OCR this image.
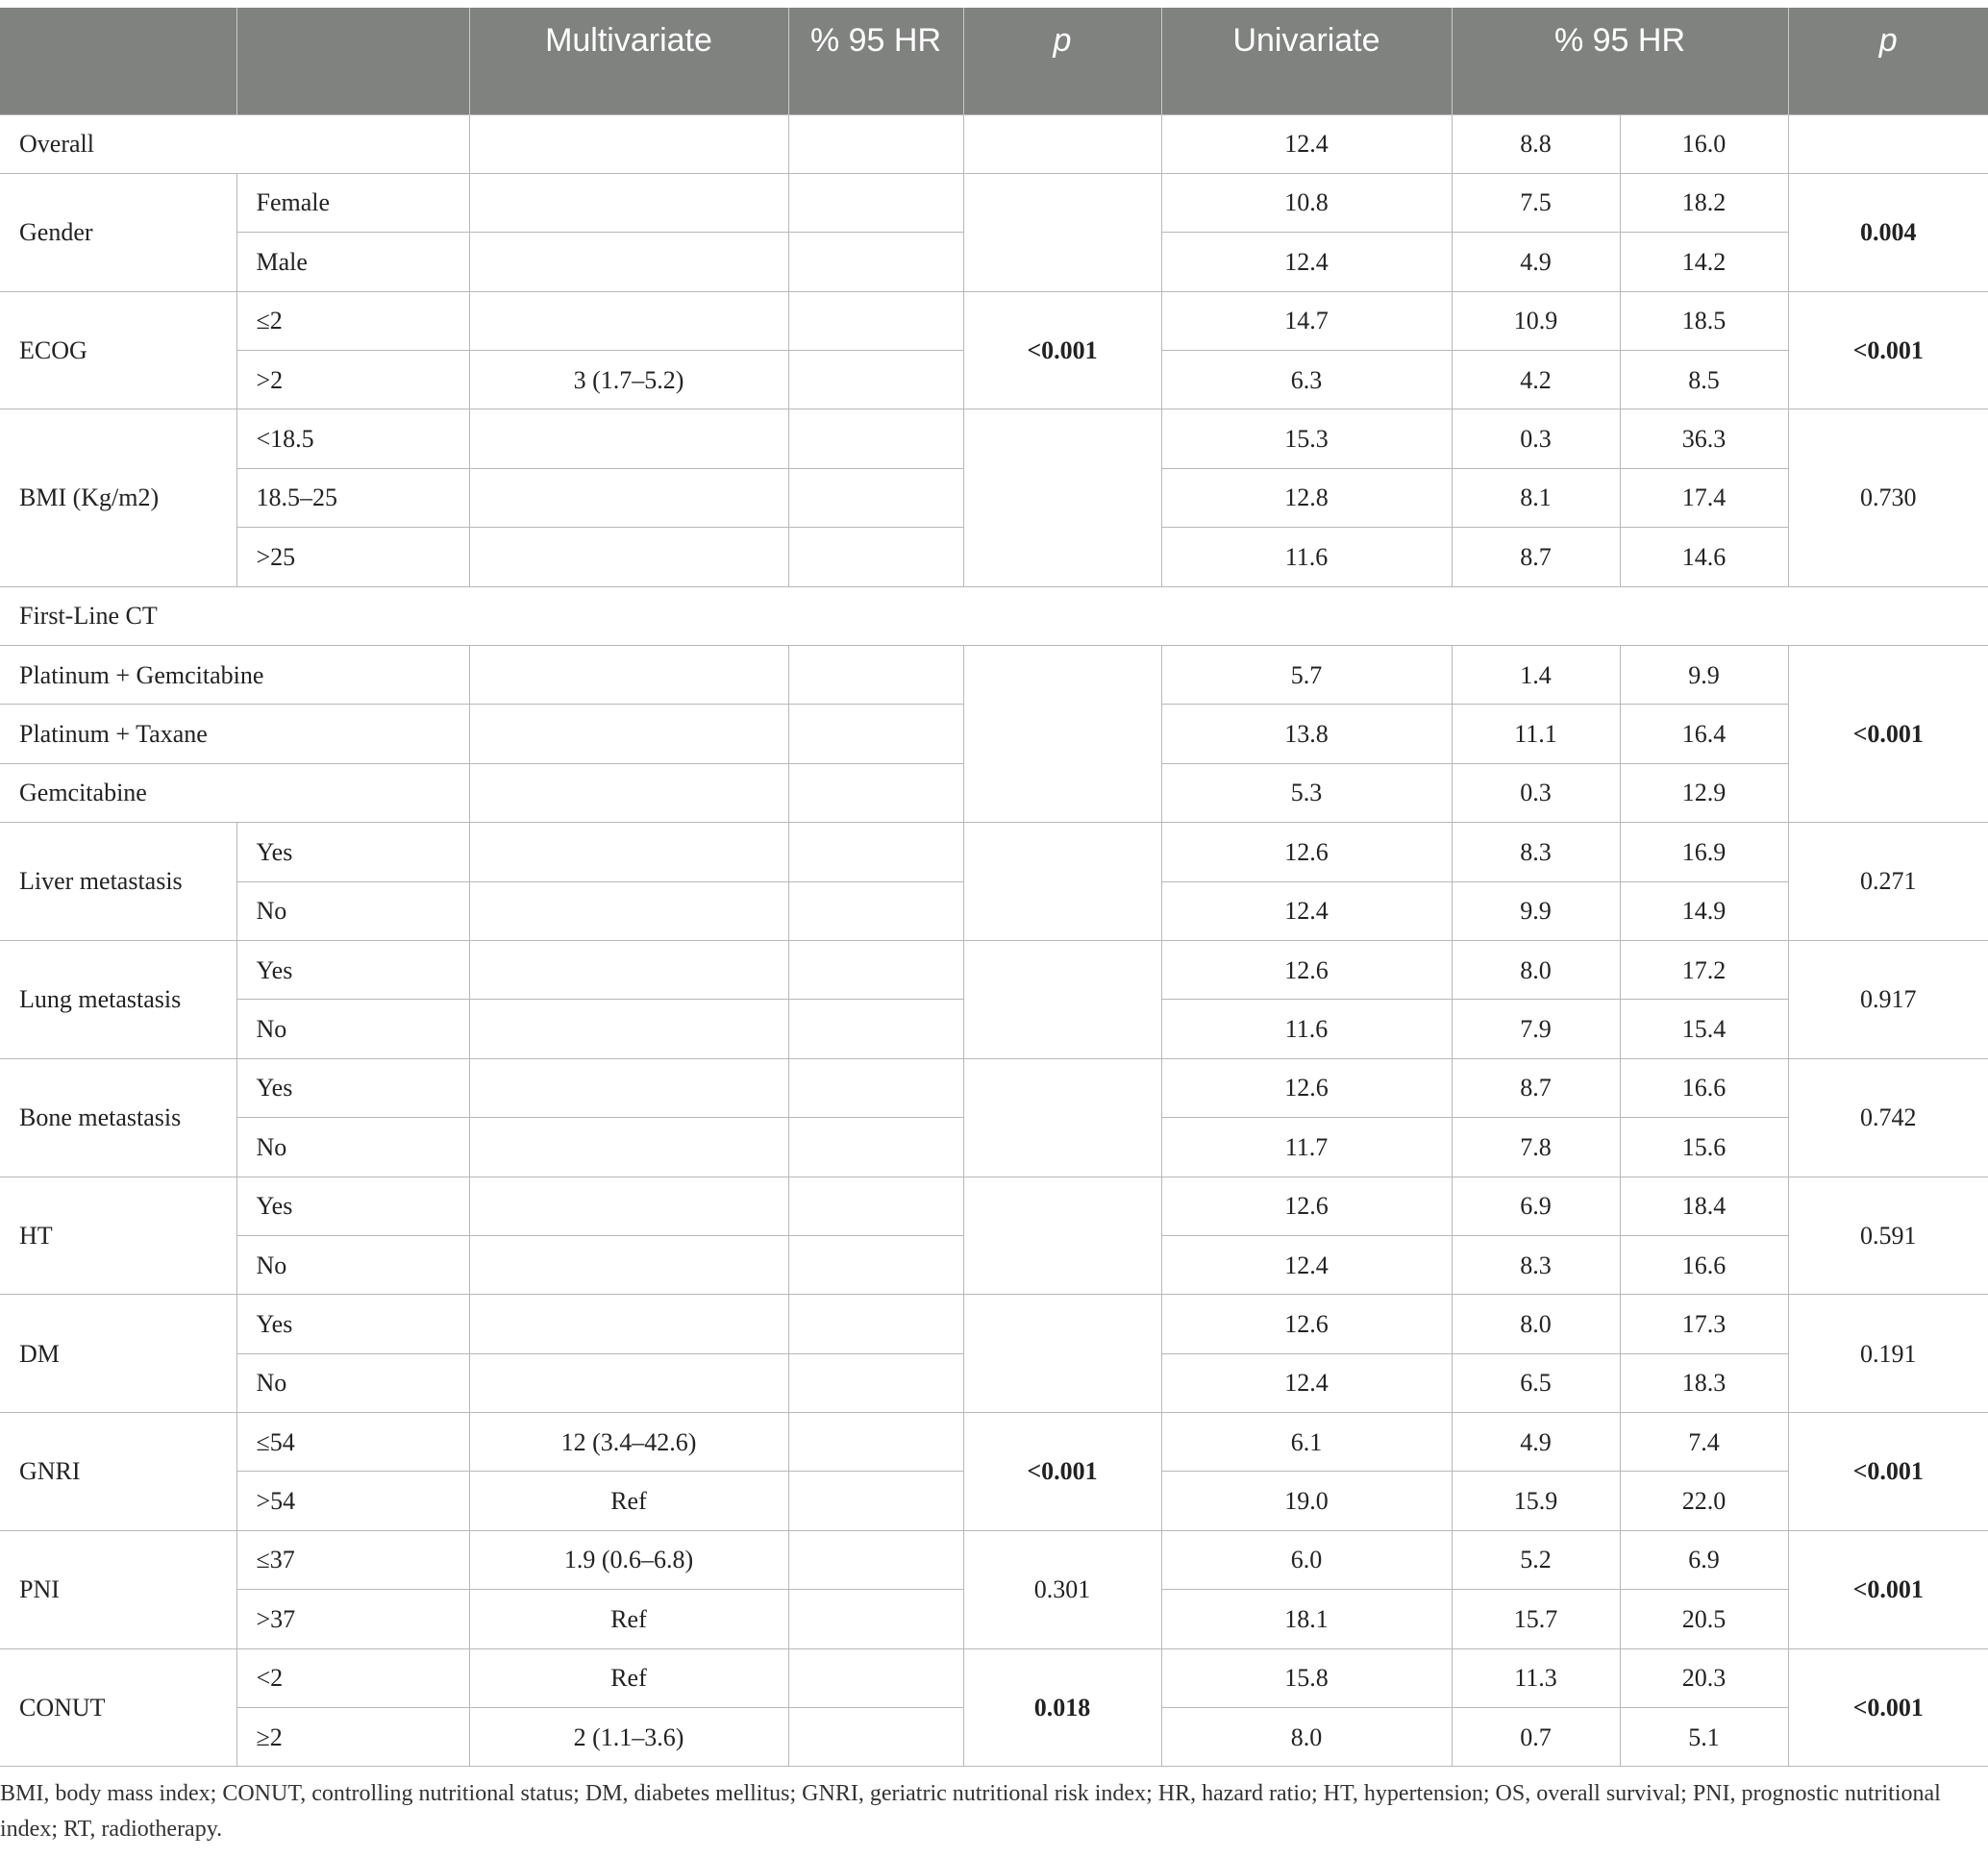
		Multivariate	% 95 HR	p	Univariate	% 95 HR		p
Overall					12.4	8.8	16.0	
Gender	Female				10.8	7.5	18.2	0.004
	Male				12.4	4.9	14.2	
ECOG	≤2			<0.001	14.7	10.9	18.5	<0.001
	>2	3 (1.7–5.2)			6.3	4.2	8.5	
BMI (Kg/m2)	<18.5				15.3	0.3	36.3	0.730
	18.5–25				12.8	8.1	17.4	
	>25				11.6	8.7	14.6	
First-Line CT								
Platinum + Gemcitabine					5.7	1.4	9.9	<0.001
Platinum + Taxane					13.8	11.1	16.4	
Gemcitabine					5.3	0.3	12.9	
Liver metastasis	Yes				12.6	8.3	16.9	0.271
	No				12.4	9.9	14.9	
Lung metastasis	Yes				12.6	8.0	17.2	0.917
	No				11.6	7.9	15.4	
Bone metastasis	Yes				12.6	8.7	16.6	0.742
	No				11.7	7.8	15.6	
HT	Yes				12.6	6.9	18.4	0.591
	No				12.4	8.3	16.6	
DM	Yes				12.6	8.0	17.3	0.191
	No				12.4	6.5	18.3	
GNRI	≤54	12 (3.4–42.6)		<0.001	6.1	4.9	7.4	<0.001
	>54	Ref			19.0	15.9	22.0	
PNI	≤37	1.9 (0.6–6.8)		0.301	6.0	5.2	6.9	<0.001
	>37	Ref			18.1	15.7	20.5	
CONUT	<2	Ref		0.018	15.8	11.3	20.3	<0.001
	≥2	2 (1.1–3.6)			8.0	0.7	5.1	
BMI, body mass index; CONUT, controlling nutritional status; DM, diabetes mellitus; GNRI, geriatric nutritional risk index; HR, hazard ratio; HT, hypertension; OS, overall survival; PNI, prognostic nutritional index; RT, radiotherapy.
